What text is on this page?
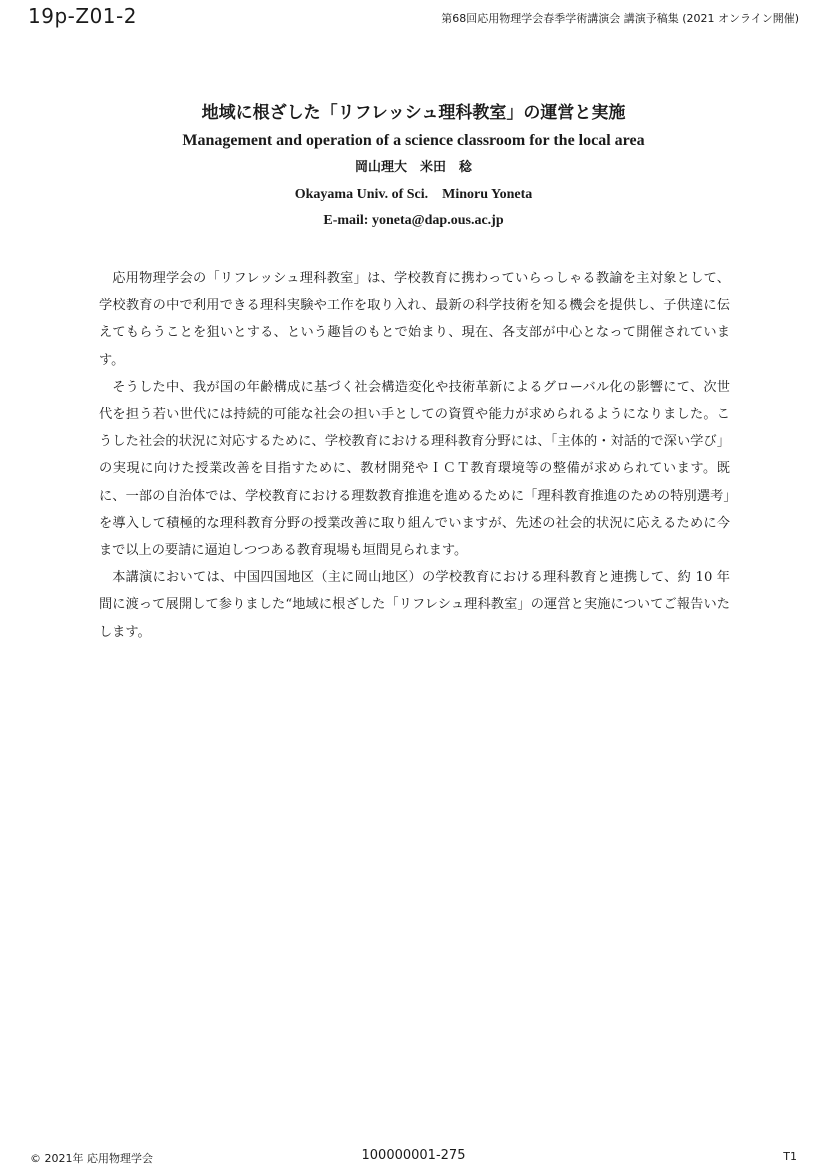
19p-Z01-2	第68回応用物理学会春季学術講演会 講演予稿集 (2021 オンライン開催)
地域に根ざした「リフレッシュ理科教室」の運営と実施
Management and operation of a science classroom for the local area
岡山理大　米田　稔
Okayama Univ. of Sci.　Minoru Yoneta
E-mail: yoneta@dap.ous.ac.jp

応用物理学会の「リフレッシュ理科教室」は、学校教育に携わっていらっしゃる教諭を主対象として、学校教育の中で利用できる理科実験や工作を取り入れ、最新の科学技術を知る機会を提供し、子供達に伝えてもらうことを狙いとする、という趣旨のもとで始まり、現在、各支部が中心となって開催されています。

そうした中、我が国の年齢構成に基づく社会構造変化や技術革新によるグローバル化の影響にて、次世代を担う若い世代には持続的可能な社会の担い手としての資質や能力が求められるようになりました。こうした社会的状況に対応するために、学校教育における理科教育分野には、「主体的・対話的で深い学び」の実現に向けた授業改善を目指すために、教材開発やＩＣＴ教育環境等の整備が求められています。既に、一部の自治体では、学校教育における理数教育推進を進めるために「理科教育推進のための特別選考」を導入して積極的な理科教育分野の授業改善に取り組んでいますが、先述の社会的状況に応えるために今まで以上の要請に逼迫しつつある教育現場も垣間見られます。

本講演においては、中国四国地区（主に岡山地区）の学校教育における理科教育と連携して、約 10 年間に渡って展開して参りました“地域に根ざした「リフレシュ理科教室」の運営と実施についてご報告いたします。

© 2021年 応用物理学会	100000001-275	T1
